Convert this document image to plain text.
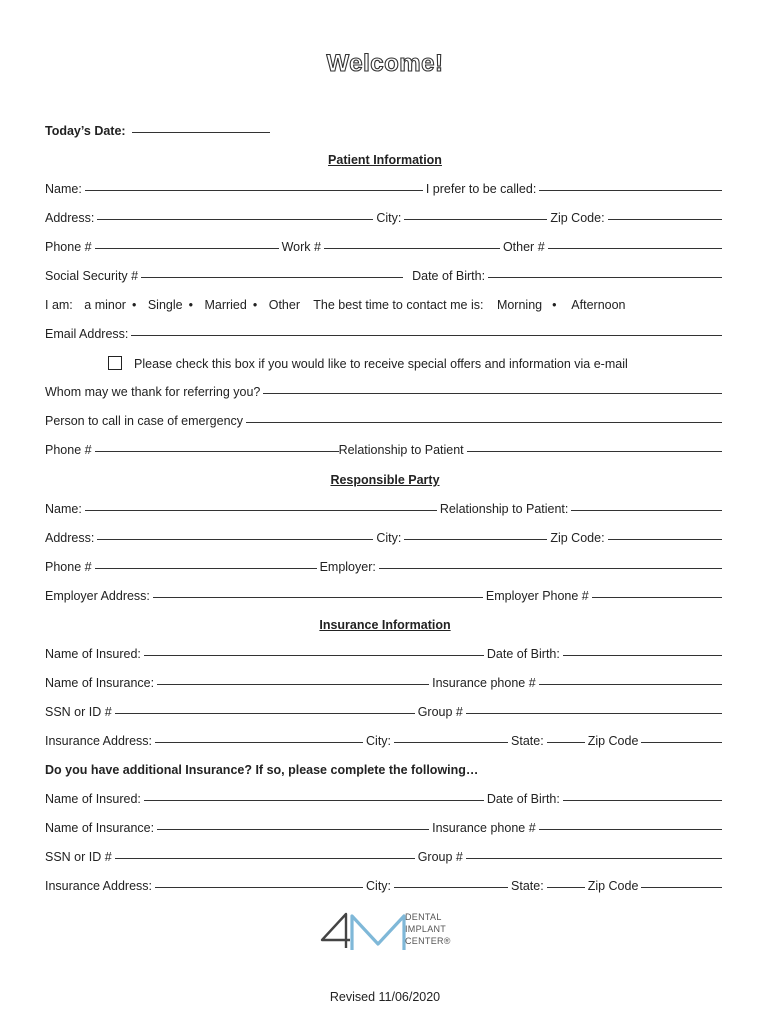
Welcome!
Today’s Date:
Patient Information
Name:	I prefer to be called:
Address:	City:	Zip Code:
Phone #	Work #	Other #
Social Security #	Date of Birth:
I am: a minor • Single • Married • Other The best time to contact me is: Morning • Afternoon
Email Address:
Please check this box if you would like to receive special offers and information via e-mail
Whom may we thank for referring you?
Person to call in case of emergency
Phone #	Relationship to Patient
Responsible Party
Name:	Relationship to Patient:
Address:	City:	Zip Code:
Phone #	Employer:
Employer Address:	Employer Phone #
Insurance Information
Name of Insured:	Date of Birth:
Name of Insurance:	Insurance phone #
SSN or ID #	Group #
Insurance Address:	City:	State:	Zip Code
Do you have additional Insurance? If so, please complete the following…
Name of Insured:	Date of Birth:
Name of Insurance:	Insurance phone #
SSN or ID #	Group #
Insurance Address:	City:	State:	Zip Code
DENTAL
IMPLANT
CENTER®
Revised 11/06/2020
